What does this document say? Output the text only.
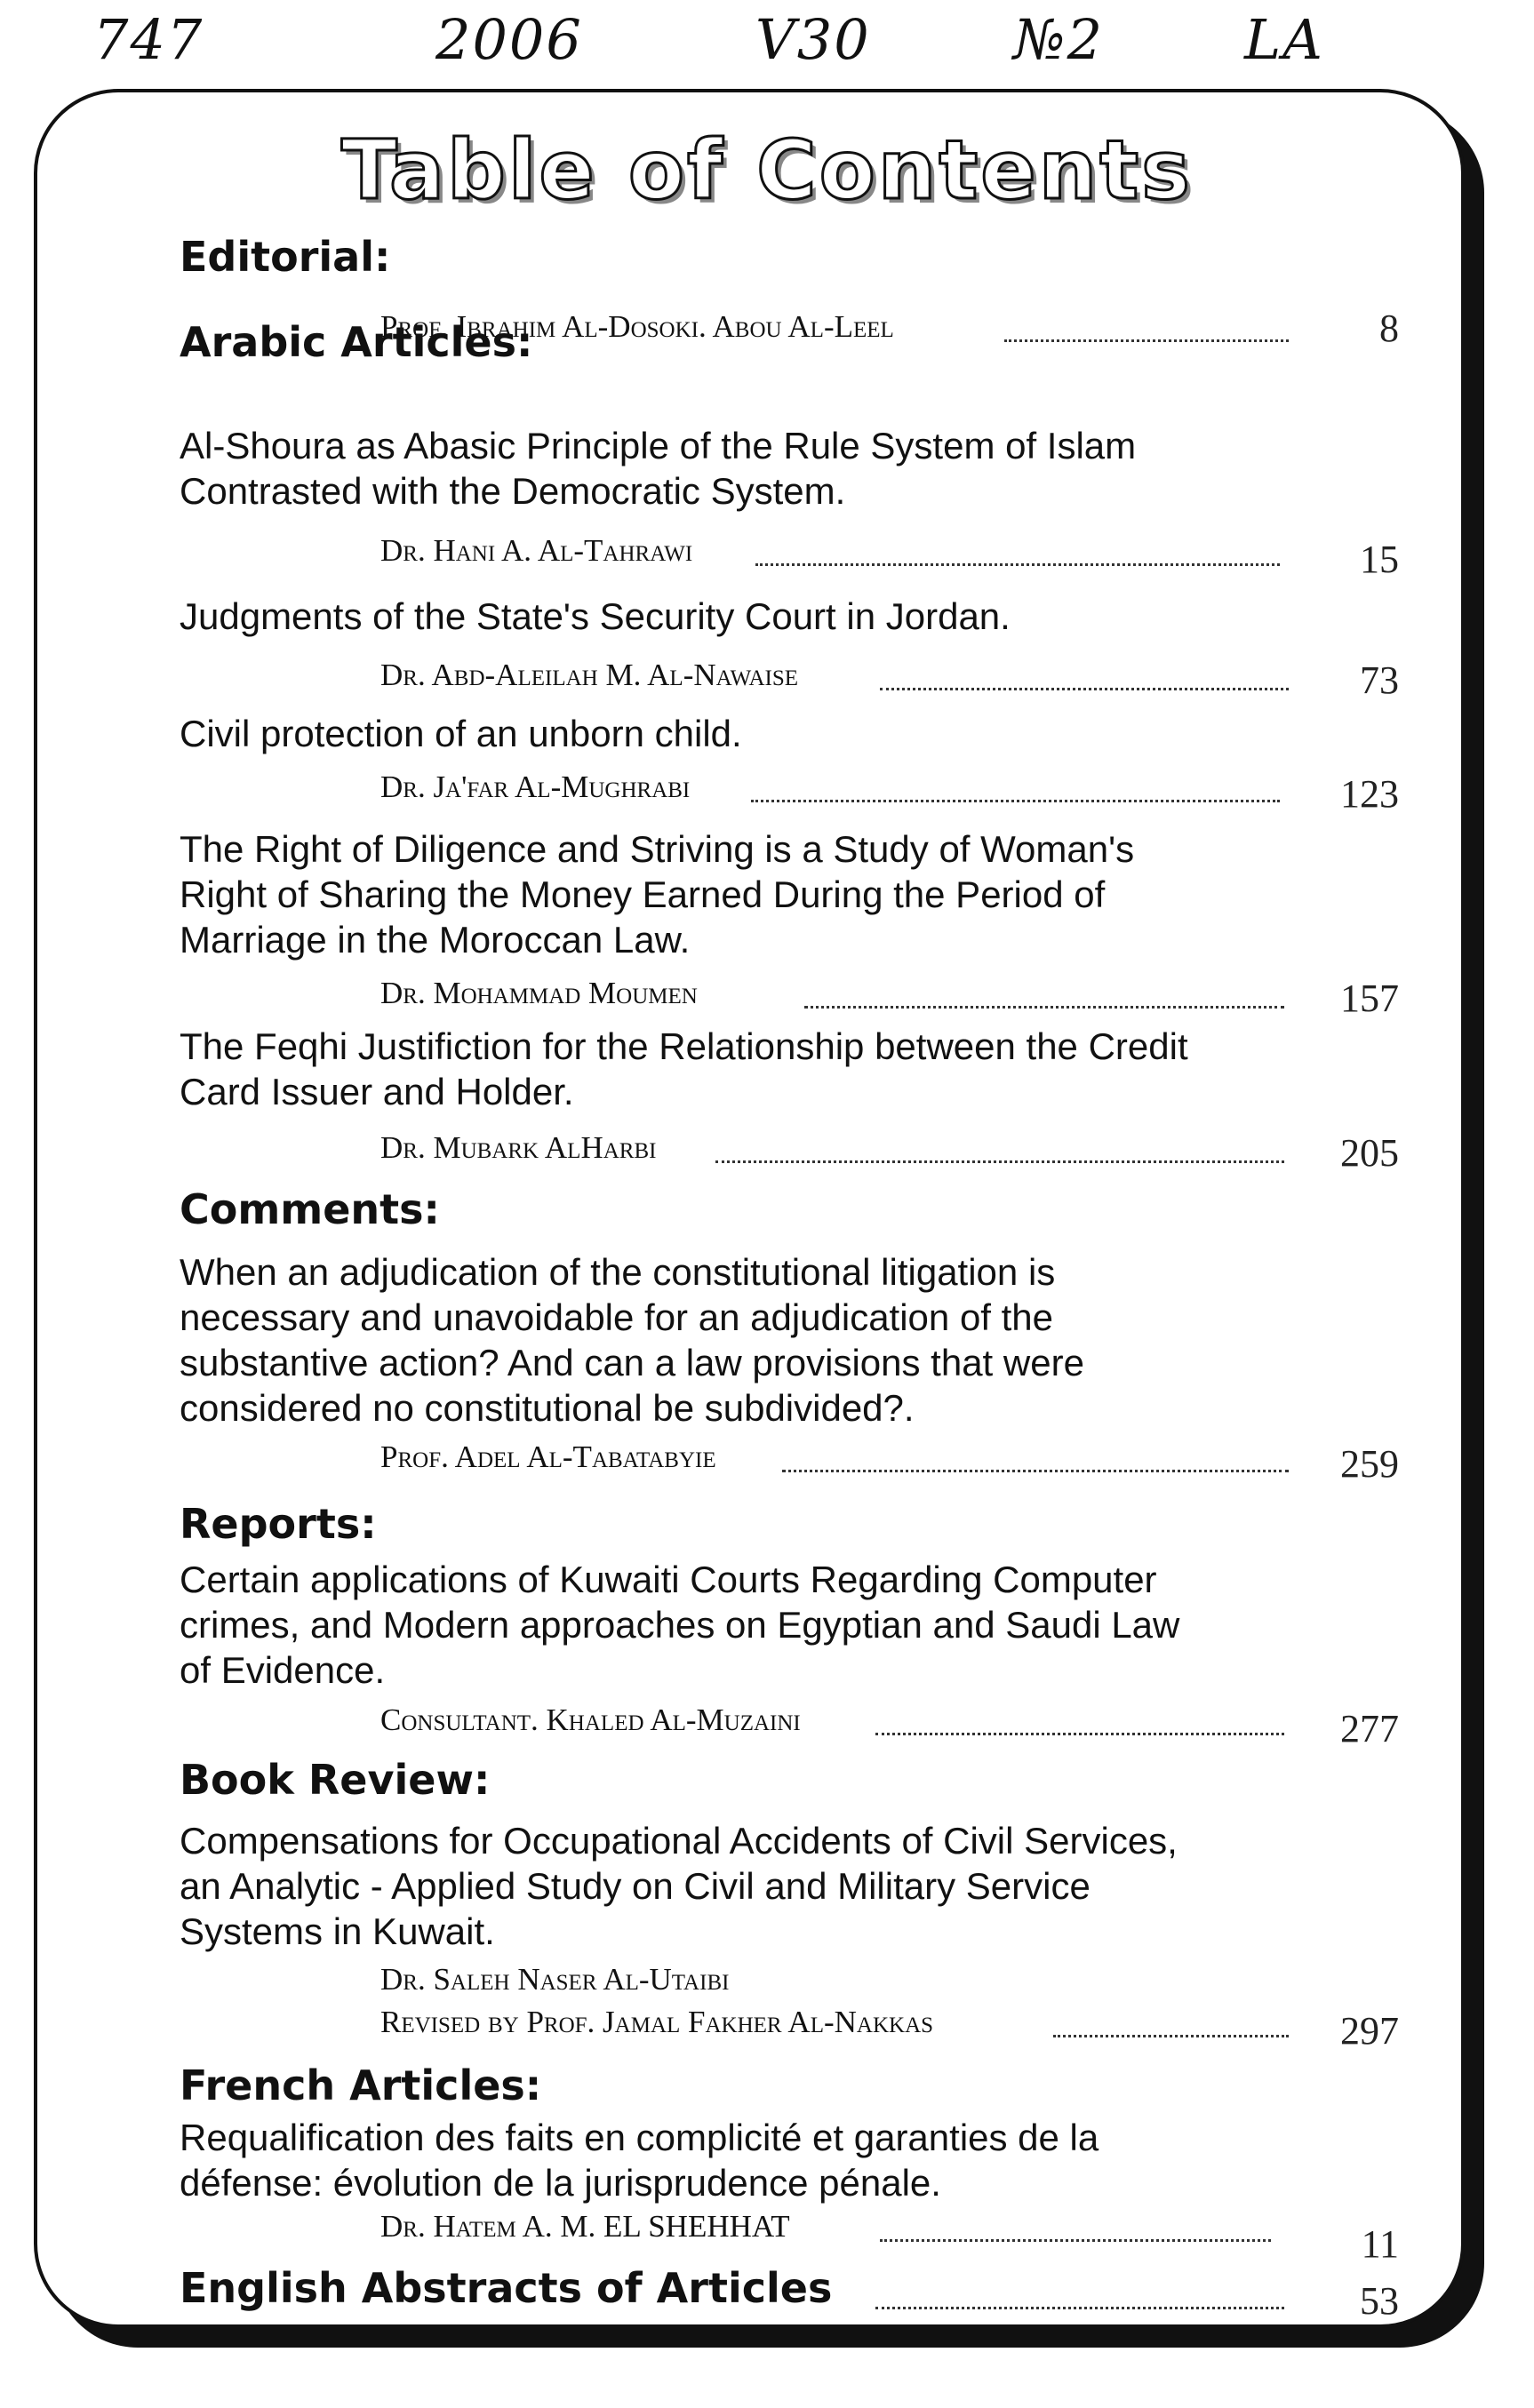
747	2006	V30	№2	LA
Table of Contents
Editorial:
Prof. Ibrahim Al-Dosoki. Abou Al-Leel	8
Arabic Articles:
Al-Shoura as Abasic Principle of the Rule System of Islam
Contrasted with the Democratic System.
Dr. Hani A. Al-Tahrawi	15
Judgments of the State's Security Court in Jordan.
Dr. Abd-Aleilah M. Al-Nawaise	73
Civil protection of an unborn child.
Dr. Ja'far Al-Mughrabi	123
The Right of Diligence and Striving is a Study of Woman's
Right of Sharing the Money Earned During the Period of
Marriage in the Moroccan Law.
Dr. Mohammad Moumen	157
The Feqhi Justifiction for the Relationship between the Credit
Card Issuer and Holder.
Dr. Mubark AlHarbi	205
Comments:
When an adjudication of the constitutional litigation is
necessary and unavoidable for an adjudication of the
substantive action? And can a law provisions that were
considered no constitutional be subdivided?.
Prof. Adel Al-Tabatabyie	259
Reports:
Certain applications of Kuwaiti Courts Regarding Computer
crimes, and Modern approaches on Egyptian and Saudi Law
of Evidence.
Consultant. Khaled Al-Muzaini	277
Book Review:
Compensations for Occupational Accidents of Civil Services,
an Analytic - Applied Study on Civil and Military Service
Systems in Kuwait.
Dr. Saleh Naser Al-Utaibi
Revised by Prof. Jamal Fakher Al-Nakkas	297
French Articles:
Requalification des faits en complicité et garanties de la
défense: évolution de la jurisprudence pénale.
Dr. Hatem A. M. EL SHEHHAT	11
English Abstracts of Articles	53
